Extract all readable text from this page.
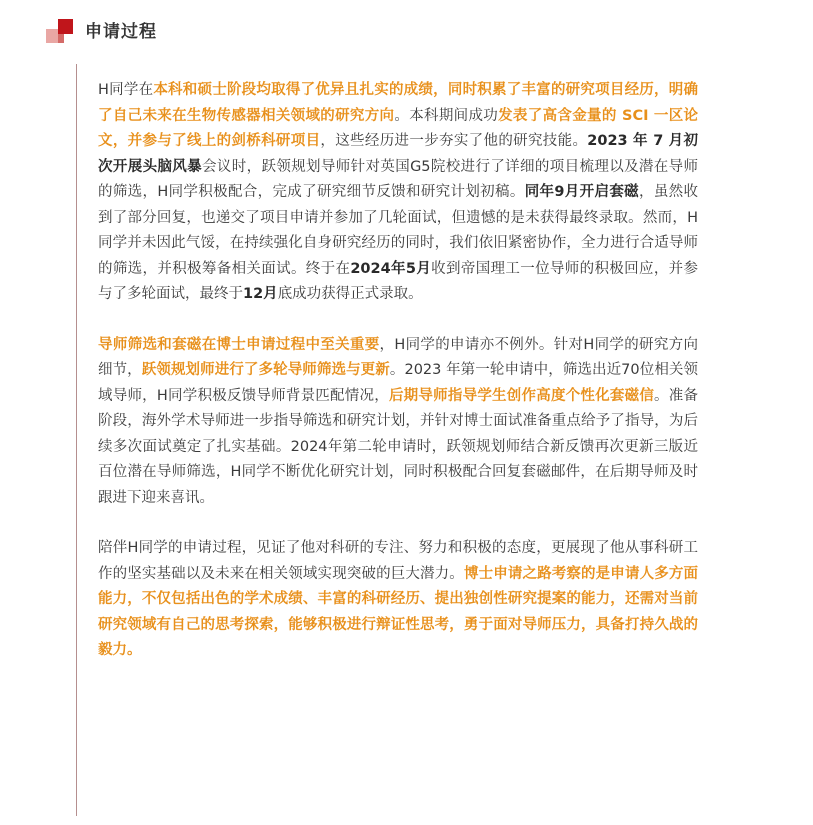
申请过程

H同学在本科和硕士阶段均取得了优异且扎实的成绩，同时积累了丰富的研究项目经历，明确了自己未来在生物传感器相关领域的研究方向。本科期间成功发表了高含金量的 SCI 一区论文，并参与了线上的剑桥科研项目，这些经历进一步夯实了他的研究技能。2023 年 7 月初次开展头脑风暴会议时，跃领规划导师针对英国G5院校进行了详细的项目梳理以及潜在导师的筛选，H同学积极配合，完成了研究细节反馈和研究计划初稿。同年9月开启套磁，虽然收到了部分回复，也递交了项目申请并参加了几轮面试，但遗憾的是未获得最终录取。然而，H同学并未因此气馁，在持续强化自身研究经历的同时，我们依旧紧密协作，全力进行合适导师的筛选，并积极筹备相关面试。终于在2024年5月收到帝国理工一位导师的积极回应，并参与了多轮面试，最终于12月底成功获得正式录取。

导师筛选和套磁在博士申请过程中至关重要，H同学的申请亦不例外。针对H同学的研究方向细节，跃领规划师进行了多轮导师筛选与更新。2023 年第一轮申请中，筛选出近70位相关领域导师，H同学积极反馈导师背景匹配情况，后期导师指导学生创作高度个性化套磁信。准备阶段，海外学术导师进一步指导筛选和研究计划，并针对博士面试准备重点给予了指导，为后续多次面试奠定了扎实基础。2024年第二轮申请时，跃领规划师结合新反馈再次更新三版近百位潜在导师筛选，H同学不断优化研究计划，同时积极配合回复套磁邮件，在后期导师及时跟进下迎来喜讯。

陪伴H同学的申请过程，见证了他对科研的专注、努力和积极的态度，更展现了他从事科研工作的坚实基础以及未来在相关领域实现突破的巨大潜力。博士申请之路考察的是申请人多方面能力，不仅包括出色的学术成绩、丰富的科研经历、提出独创性研究提案的能力，还需对当前研究领域有自己的思考探索，能够积极进行辩证性思考，勇于面对导师压力，具备打持久战的毅力。
